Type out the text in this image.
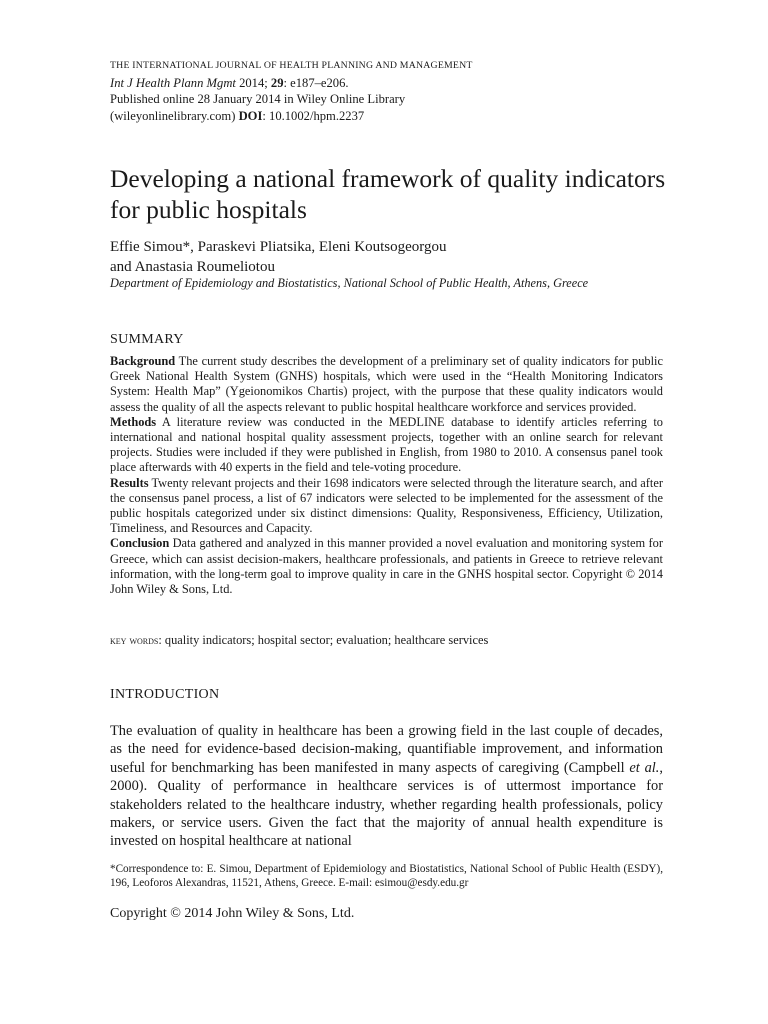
THE INTERNATIONAL JOURNAL OF HEALTH PLANNING AND MANAGEMENT
Int J Health Plann Mgmt 2014; 29: e187–e206.
Published online 28 January 2014 in Wiley Online Library
(wileyonlinelibrary.com) DOI: 10.1002/hpm.2237
Developing a national framework of quality indicators for public hospitals
Effie Simou*, Paraskevi Pliatsika, Eleni Koutsogeorgou
and Anastasia Roumeliotou
Department of Epidemiology and Biostatistics, National School of Public Health, Athens, Greece
SUMMARY

Background The current study describes the development of a preliminary set of quality indicators for public Greek National Health System (GNHS) hospitals, which were used in the “Health Monitoring Indicators System: Health Map” (Ygeionomikos Chartis) project, with the purpose that these quality indicators would assess the quality of all the aspects relevant to public hospital healthcare workforce and services provided.

Methods A literature review was conducted in the MEDLINE database to identify articles referring to international and national hospital quality assessment projects, together with an online search for relevant projects. Studies were included if they were published in English, from 1980 to 2010. A consensus panel took place afterwards with 40 experts in the field and tele-voting procedure.

Results Twenty relevant projects and their 1698 indicators were selected through the literature search, and after the consensus panel process, a list of 67 indicators were selected to be implemented for the assessment of the public hospitals categorized under six distinct dimensions: Quality, Responsiveness, Efficiency, Utilization, Timeliness, and Resources and Capacity.

Conclusion Data gathered and analyzed in this manner provided a novel evaluation and monitoring system for Greece, which can assist decision-makers, healthcare professionals, and patients in Greece to retrieve relevant information, with the long-term goal to improve quality in care in the GNHS hospital sector. Copyright © 2014 John Wiley & Sons, Ltd.

key words: quality indicators; hospital sector; evaluation; healthcare services
INTRODUCTION

The evaluation of quality in healthcare has been a growing field in the last couple of decades, as the need for evidence-based decision-making, quantifiable improvement, and information useful for benchmarking has been manifested in many aspects of caregiving (Campbell et al., 2000). Quality of performance in healthcare services is of uttermost importance for stakeholders related to the healthcare industry, whether regarding health professionals, policy makers, or service users. Given the fact that the majority of annual health expenditure is invested on hospital healthcare at national

*Correspondence to: E. Simou, Department of Epidemiology and Biostatistics, National School of Public Health (ESDY), 196, Leoforos Alexandras, 11521, Athens, Greece. E-mail: esimou@esdy.edu.gr
Copyright © 2014 John Wiley & Sons, Ltd.
